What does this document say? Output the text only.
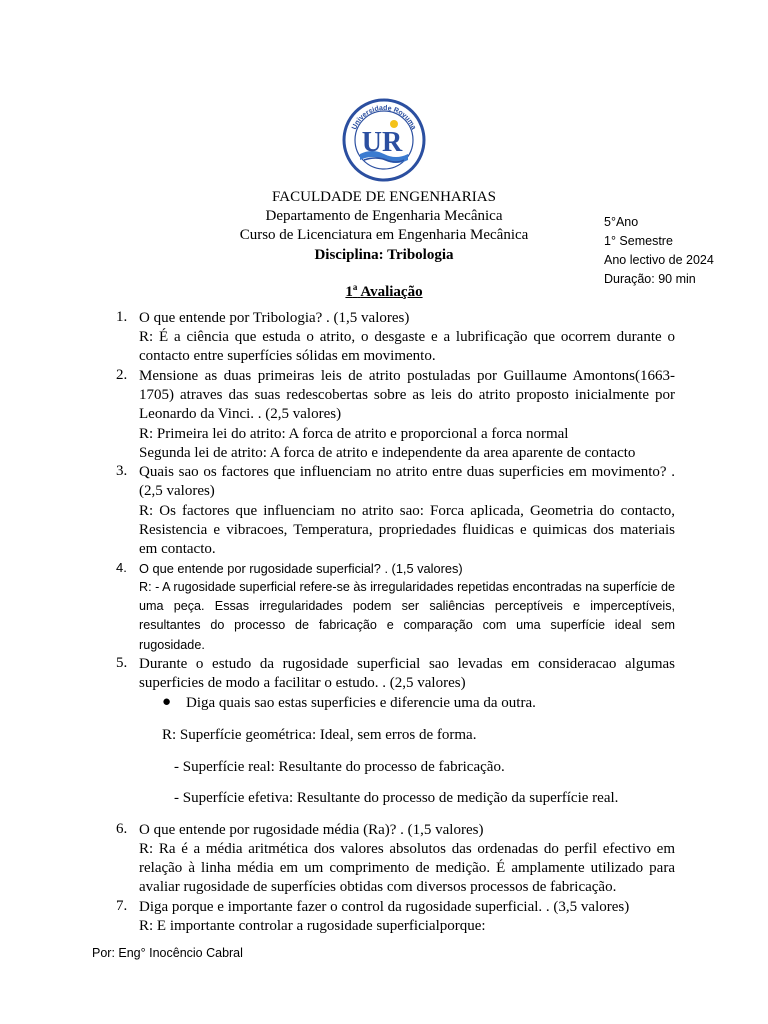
Universidade Rovuma
UR
FACULDADE DE ENGENHARIAS
Departamento de Engenharia Mecânica
Curso de Licenciatura em Engenharia Mecânica
Disciplina: Tribologia
1$^a$ Avaliação
5°Ano
1° Semestre
Ano lectivo de 2024
Duração: 90 min
1. O que entende por Tribologia? . (1,5 valores)
R: É a ciência que estuda o atrito, o desgaste e a lubrificação que ocorrem durante o contacto entre superfícies sólidas em movimento.
2. Mensione as duas primeiras leis de atrito postuladas por Guillaume Amontons(1663-1705) atraves das suas redescobertas sobre as leis do atrito proposto inicialmente por Leonardo da Vinci. . (2,5 valores)
R: Primeira lei do atrito: A forca de atrito e proporcional a forca normal
Segunda lei de atrito: A forca de atrito e independente da area aparente de contacto
3. Quais sao os factores que influenciam no atrito entre duas superficies em movimento? . (2,5 valores)
R: Os factores que influenciam no atrito sao: Forca aplicada, Geometria do contacto, Resistencia e vibracoes, Temperatura, propriedades fluidicas e quimicas dos materiais em contacto.
4. O que entende por rugosidade superficial? . (1,5 valores)
R: - A rugosidade superficial refere-se às irregularidades repetidas encontradas na superfície de uma peça. Essas irregularidades podem ser saliências perceptíveis e imperceptíveis, resultantes do processo de fabricação e comparação com uma superfície ideal sem rugosidade.
5. Durante o estudo da rugosidade superficial sao levadas em consideracao algumas superficies de modo a facilitar o estudo. . (2,5 valores)
● Diga quais sao estas superficies e diferencie uma da outra.
R: Superfície geométrica: Ideal, sem erros de forma.
- Superfície real: Resultante do processo de fabricação.
- Superfície efetiva: Resultante do processo de medição da superfície real.
6. O que entende por rugosidade média (Ra)? . (1,5 valores)
R: Ra é a média aritmética dos valores absolutos das ordenadas do perfil efectivo em relação à linha média em um comprimento de medição. É amplamente utilizado para avaliar rugosidade de superfícies obtidas com diversos processos de fabricação.
7. Diga porque e importante fazer o control da rugosidade superficial. . (3,5 valores)
R: E importante controlar a rugosidade superficialporque:
Por: Eng° Inocêncio Cabral
